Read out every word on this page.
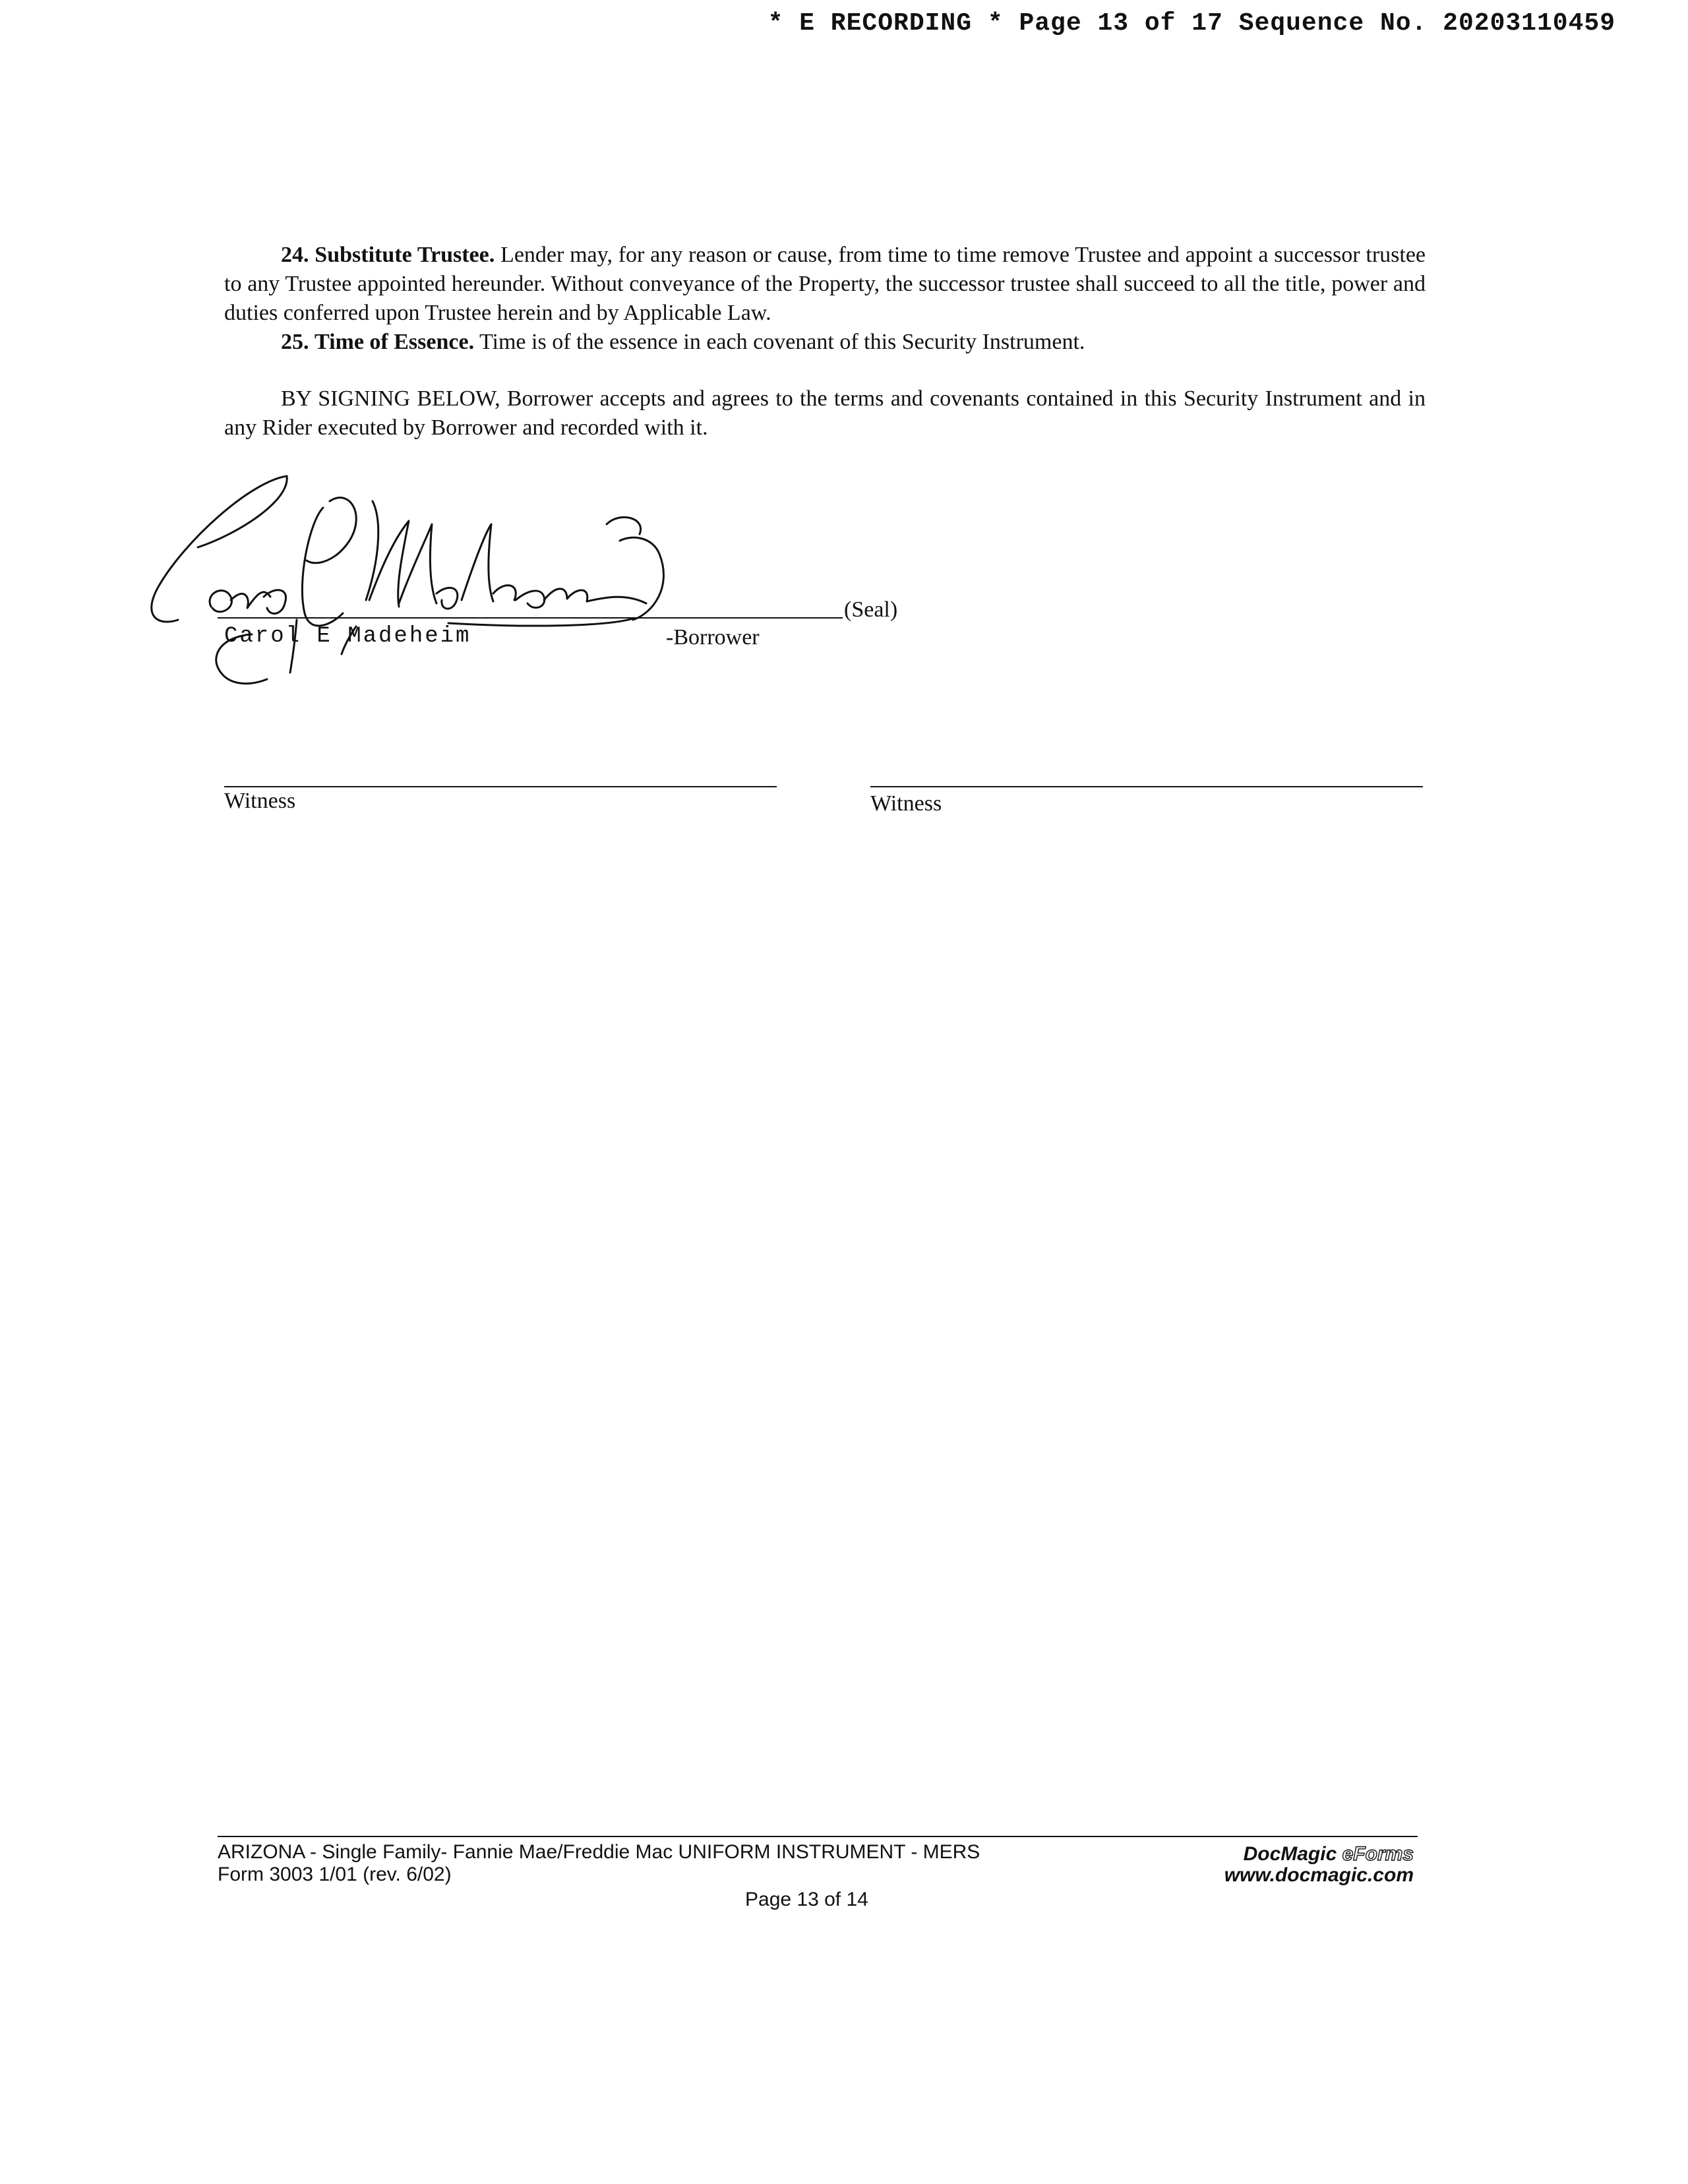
* E RECORDING * Page 13 of 17 Sequence No. 20203110459

24. Substitute Trustee. Lender may, for any reason or cause, from time to time remove Trustee and appoint a successor trustee to any Trustee appointed hereunder. Without conveyance of the Property, the successor trustee shall succeed to all the title, power and duties conferred upon Trustee herein and by Applicable Law.

25. Time of Essence. Time is of the essence in each covenant of this Security Instrument.

BY SIGNING BELOW, Borrower accepts and agrees to the terms and covenants contained in this Security Instrument and in any Rider executed by Borrower and recorded with it.

(Seal)
Carol E Madeheim	-Borrower
Witness	Witness
ARIZONA - Single Family- Fannie Mae/Freddie Mac UNIFORM INSTRUMENT - MERS
Form 3003 1/01 (rev. 6/02)
DocMagic eForms
www.docmagic.com
Page 13 of 14
